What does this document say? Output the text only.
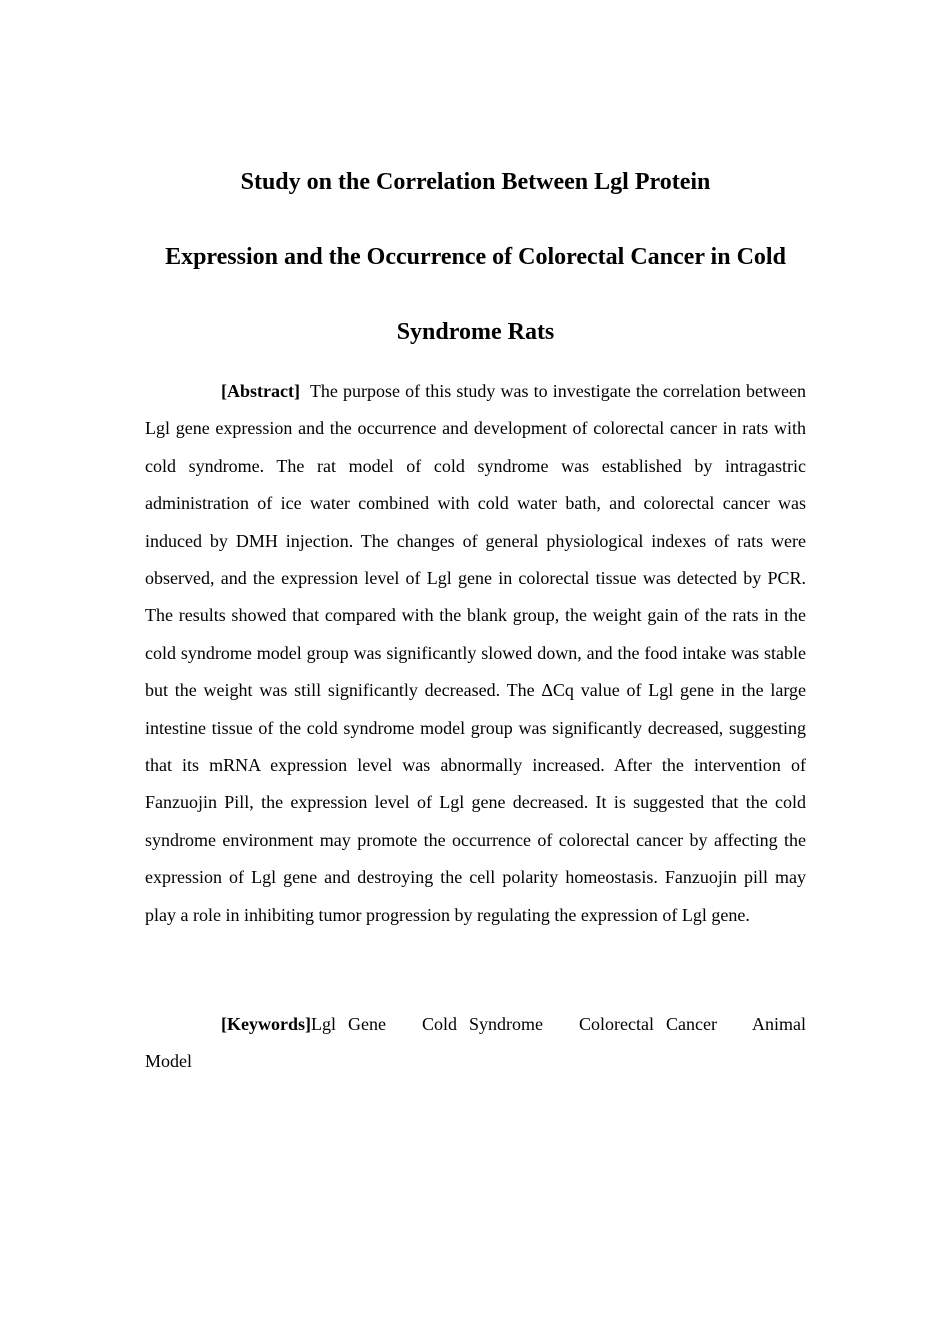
Study on the Correlation Between Lgl Protein
Expression and the Occurrence of Colorectal Cancer in Cold
Syndrome Rats

[Abstract] The purpose of this study was to investigate the correlation between Lgl gene expression and the occurrence and development of colorectal cancer in rats with cold syndrome. The rat model of cold syndrome was established by intragastric administration of ice water combined with cold water bath, and colorectal cancer was induced by DMH injection. The changes of general physiological indexes of rats were observed, and the expression level of Lgl gene in colorectal tissue was detected by PCR. The results showed that compared with the blank group, the weight gain of the rats in the cold syndrome model group was significantly slowed down, and the food intake was stable but the weight was still significantly decreased. The ΔCq value of Lgl gene in the large intestine tissue of the cold syndrome model group was significantly decreased, suggesting that its mRNA expression level was abnormally increased. After the intervention of Fanzuojin Pill, the expression level of Lgl gene decreased. It is suggested that the cold syndrome environment may promote the occurrence of colorectal cancer by affecting the expression of Lgl gene and destroying the cell polarity homeostasis. Fanzuojin pill may play a role in inhibiting tumor progression by regulating the expression of Lgl gene.

[Keywords]Lgl Gene Cold Syndrome Colorectal Cancer Animal Model
